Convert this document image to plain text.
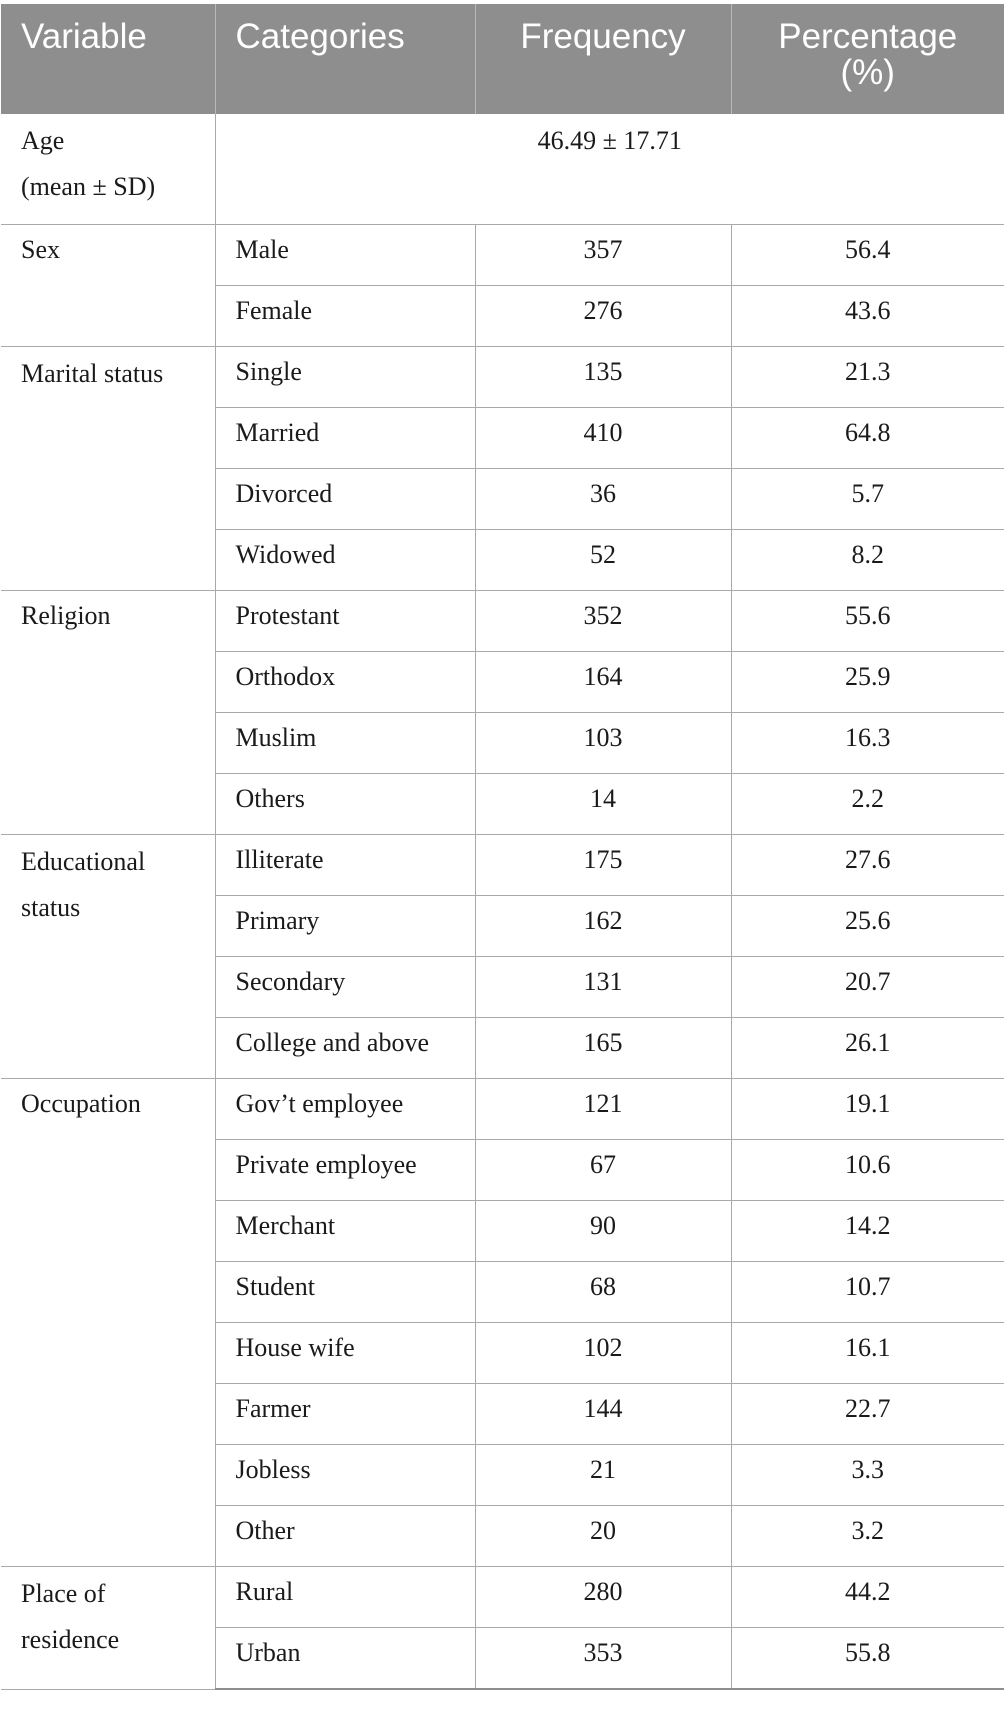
Variable	Categories	Frequency	Percentage
(%)

Age
(mean ± SD)	46.49 ± 17.71		

Sex	Male	357	56.4
	Female	276	43.6
Marital status	Single	135	21.3
	Married	410	64.8
	Divorced	36	5.7
	Widowed	52	8.2
Religion	Protestant	352	55.6
	Orthodox	164	25.9
	Muslim	103	16.3
	Others	14	2.2
Educational status	Illiterate	175	27.6
	Primary	162	25.6
	Secondary	131	20.7
	College and above	165	26.1
Occupation	Gov’t employee	121	19.1
	Private employee	67	10.6
	Merchant	90	14.2
	Student	68	10.7
	House wife	102	16.1
	Farmer	144	22.7
	Jobless	21	3.3
	Other	20	3.2
Place of residence	Rural	280	44.2
	Urban	353	55.8
